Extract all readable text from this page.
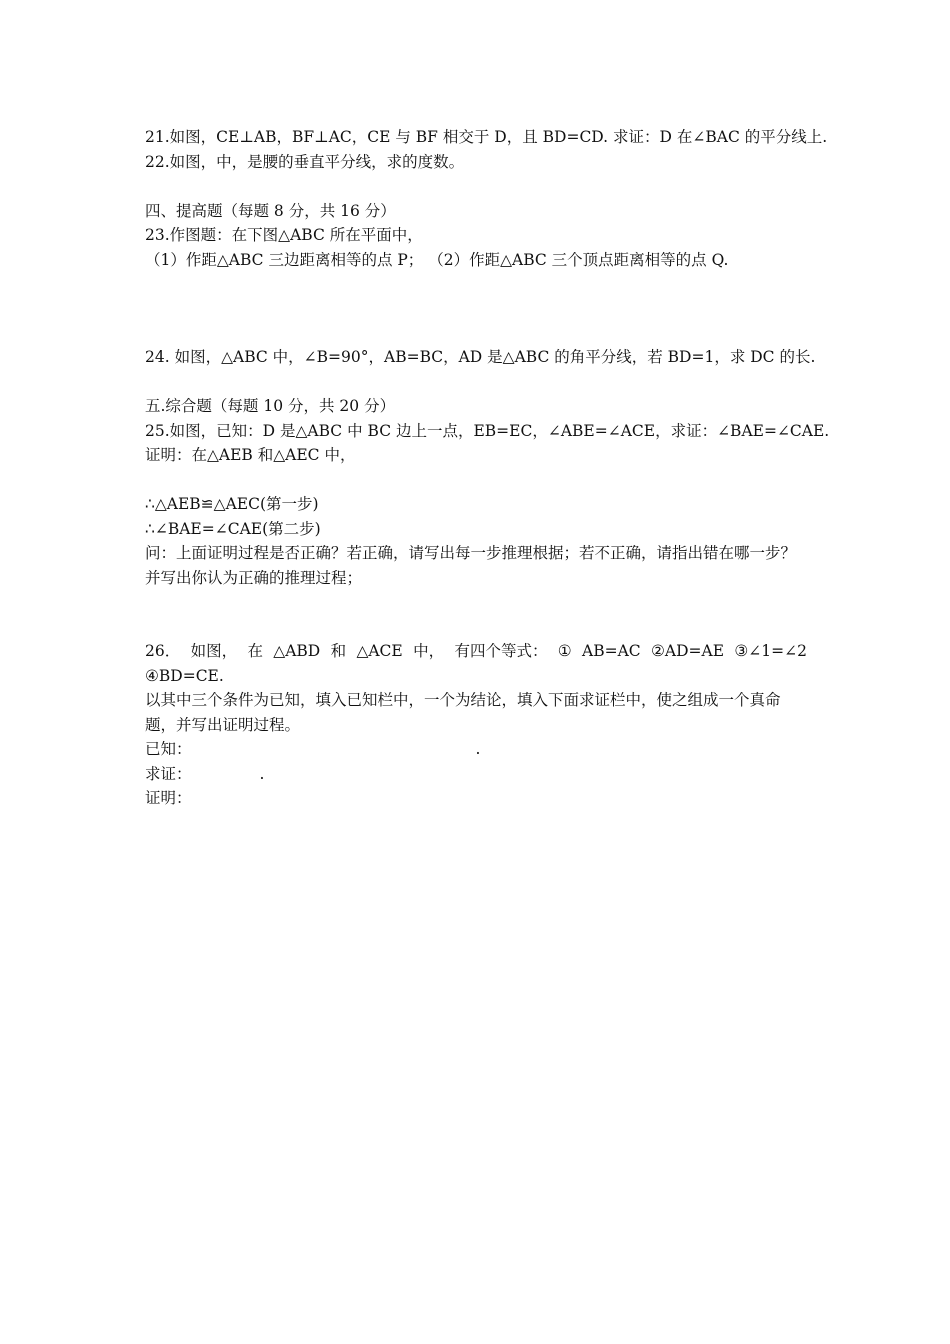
21.如图，CE⊥AB，BF⊥AC，CE 与 BF 相交于 D，且 BD=CD. 求证：D 在∠BAC 的平分线上.
22.如图，中，是腰的垂直平分线，求的度数。
四、提高题（每题 8 分，共 16 分）
23.作图题：在下图△ABC 所在平面中，
（1）作距△ABC 三边距离相等的点 P； （2）作距△ABC 三个顶点距离相等的点 Q.
24. 如图，△ABC 中，∠B=90°，AB=BC，AD 是△ABC 的角平分线，若 BD=1，求 DC 的长.
五.综合题（每题 10 分，共 20 分）
25.如图，已知：D 是△ABC 中 BC 边上一点，EB=EC，∠ABE=∠ACE，求证：∠BAE=∠CAE.
证明：在△AEB 和△AEC 中，
∴△AEB≌△AEC(第一步)
∴∠BAE=∠CAE(第二步)
问：上面证明过程是否正确？若正确，请写出每一步推理根据；若不正确，请指出错在哪一步？
并写出你认为正确的推理过程；
26． 如图， 在 △ABD 和 △ACE 中， 有四个等式： ① AB=AC ②AD=AE ③∠1=∠2
④BD=CE.
以其中三个条件为已知，填入已知栏中，一个为结论，填入下面求证栏中，使之组成一个真命
题，并写出证明过程。
已知：	.
求证：	.
证明：
